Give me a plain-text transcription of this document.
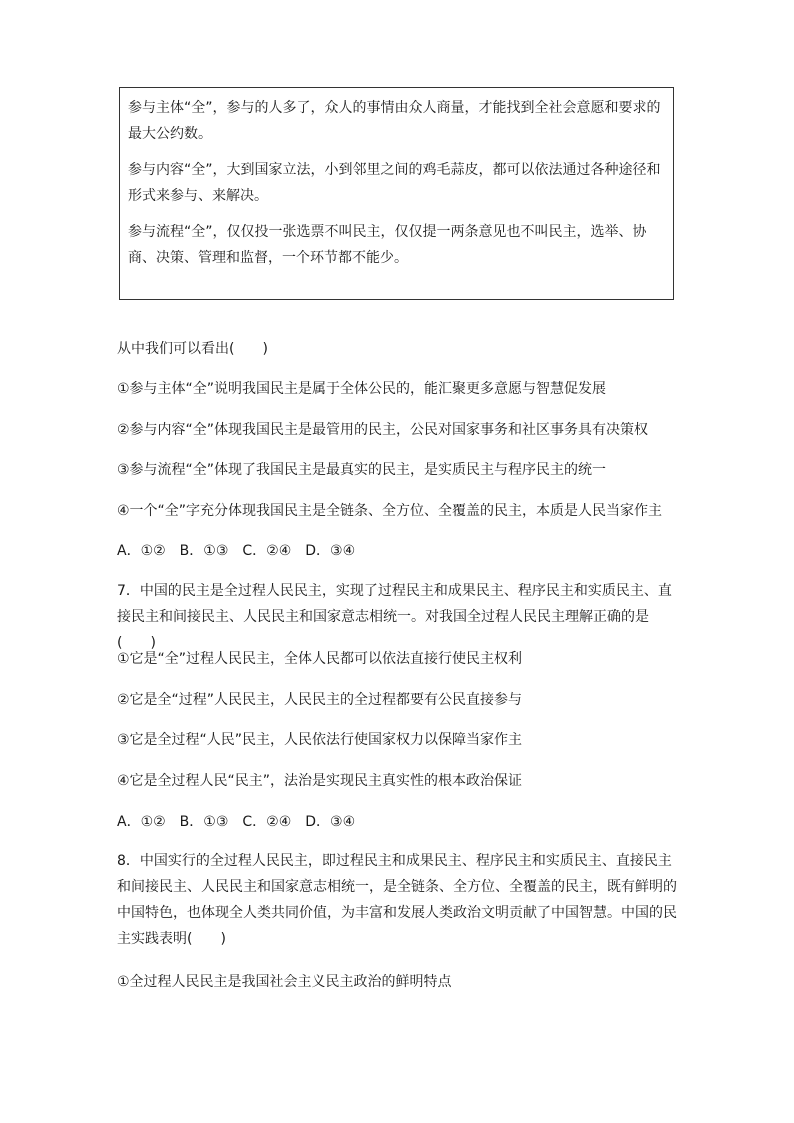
参与主体“全”，参与的人多了，众人的事情由众人商量，才能找到全社会意愿和要求的最大公约数。

参与内容“全”，大到国家立法，小到邻里之间的鸡毛蒜皮，都可以依法通过各种途径和形式来参与、来解决。

参与流程“全”，仅仅投一张选票不叫民主，仅仅提一两条意见也不叫民主，选举、协商、决策、管理和监督，一个环节都不能少。

从中我们可以看出(　　)
①参与主体“全”说明我国民主是属于全体公民的，能汇聚更多意愿与智慧促发展
②参与内容“全”体现我国民主是最管用的民主，公民对国家事务和社区事务具有决策权
③参与流程“全”体现了我国民主是最真实的民主，是实质民主与程序民主的统一
④一个“全”字充分体现我国民主是全链条、全方位、全覆盖的民主，本质是人民当家作主
A．①②　B．①③　C．②④　D．③④
7．中国的民主是全过程人民民主，实现了过程民主和成果民主、程序民主和实质民主、直接民主和间接民主、人民民主和国家意志相统一。对我国全过程人民民主理解正确的是(　　)
①它是“全”过程人民民主，全体人民都可以依法直接行使民主权利
②它是全“过程”人民民主，人民民主的全过程都要有公民直接参与
③它是全过程“人民”民主，人民依法行使国家权力以保障当家作主
④它是全过程人民“民主”，法治是实现民主真实性的根本政治保证
A．①②　B．①③　C．②④　D．③④
8．中国实行的全过程人民民主，即过程民主和成果民主、程序民主和实质民主、直接民主和间接民主、人民民主和国家意志相统一，是全链条、全方位、全覆盖的民主，既有鲜明的中国特色，也体现全人类共同价值，为丰富和发展人类政治文明贡献了中国智慧。中国的民主实践表明(　　)
①全过程人民民主是我国社会主义民主政治的鲜明特点
